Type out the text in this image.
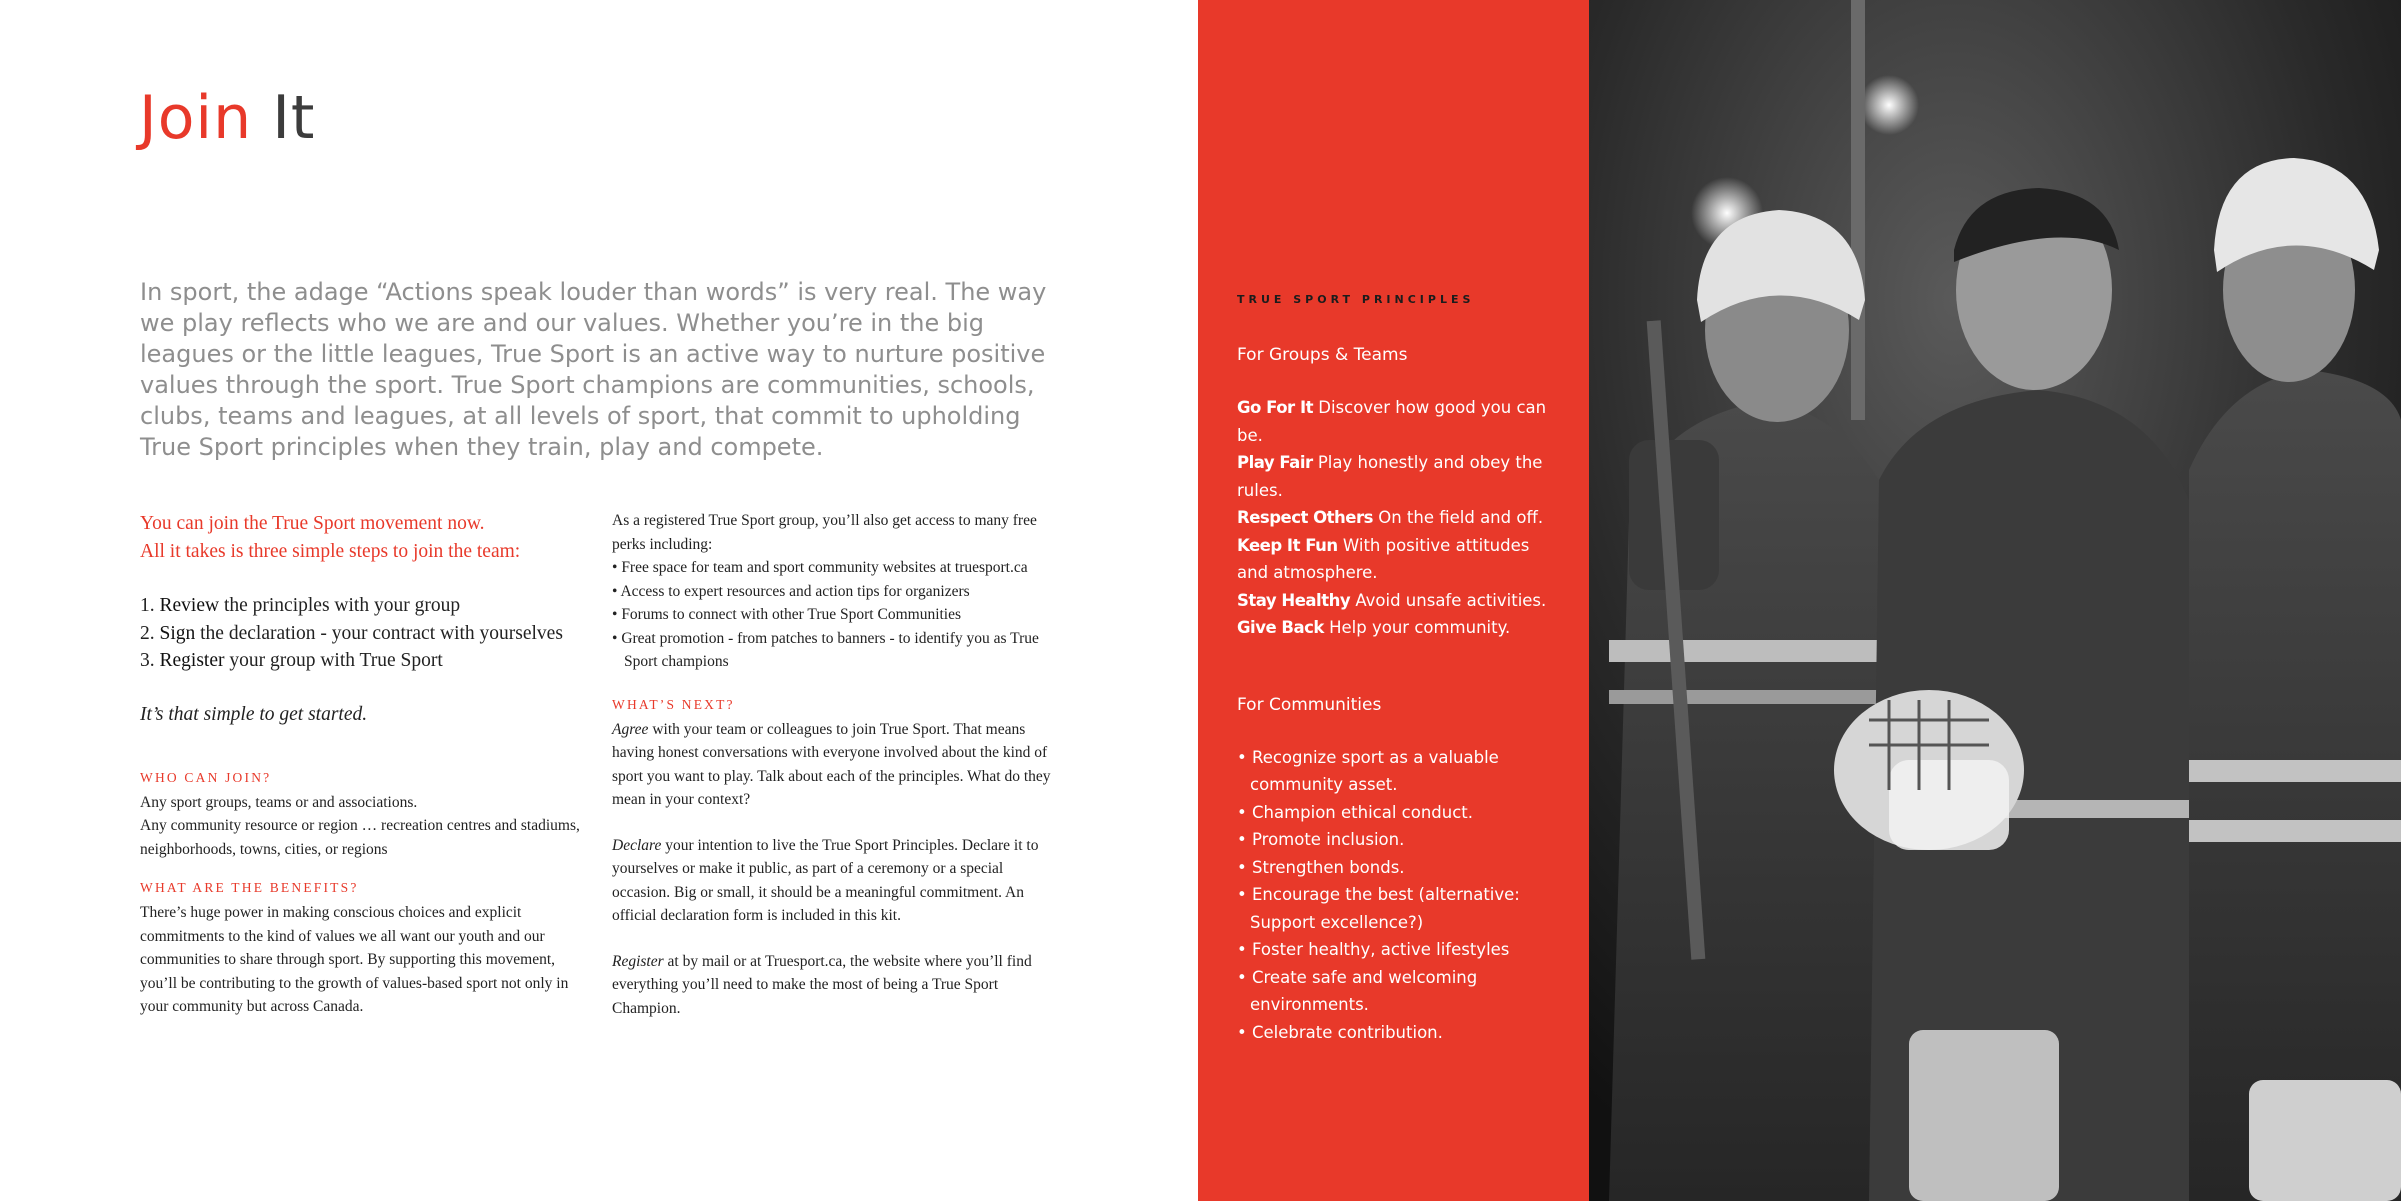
Join It

In sport, the adage “Actions speak louder than words” is very real. The way we play reflects who we are and our values. Whether you’re in the big leagues or the little leagues, True Sport is an active way to nurture positive values through the sport. True Sport champions are communities, schools, clubs, teams and leagues, at all levels of sport, that commit to upholding True Sport principles when they train, play and compete.

You can join the True Sport movement now.
All it takes is three simple steps to join the team:

1. Review the principles with your group
2. Sign the declaration - your contract with yourselves
3. Register your group with True Sport

It’s that simple to get started.

WHO CAN JOIN?

Any sport groups, teams or and associations.
Any community resource or region … recreation centres and stadiums, neighborhoods, towns, cities, or regions

WHAT ARE THE BENEFITS?

There’s huge power in making conscious choices and explicit commitments to the kind of values we all want our youth and our communities to share through sport. By supporting this movement, you’ll be contributing to the growth of values-based sport not only in your community but across Canada.

As a registered True Sport group, you’ll also get access to many free perks including:

• Free space for team and sport community websites at truesport.ca
• Access to expert resources and action tips for organizers
• Forums to connect with other True Sport Communities
• Great promotion - from patches to banners - to identify you as True Sport champions
WHAT’S NEXT?

Agree with your team or colleagues to join True Sport. That means having honest conversations with everyone involved about the kind of sport you want to play. Talk about each of the principles. What do they mean in your context?

Declare your intention to live the True Sport Principles. Declare it to yourselves or make it public, as part of a ceremony or a special occasion. Big or small, it should be a meaningful commitment. An official declaration form is included in this kit.

Register at by mail or at Truesport.ca, the website where you’ll find everything you’ll need to make the most of being a True Sport Champion.

TRUE SPORT PRINCIPLES
For Groups & Teams
Go For It Discover how good you can be.
Play Fair Play honestly and obey the rules.
Respect Others On the field and off.
Keep It Fun With positive attitudes and atmosphere.
Stay Healthy Avoid unsafe activities.
Give Back Help your community.
For Communities
• Recognize sport as a valuable community asset.
• Champion ethical conduct.
• Promote inclusion.
• Strengthen bonds.
• Encourage the best (alternative: Support excellence?)
• Foster healthy, active lifestyles
• Create safe and welcoming environments.
• Celebrate contribution.
